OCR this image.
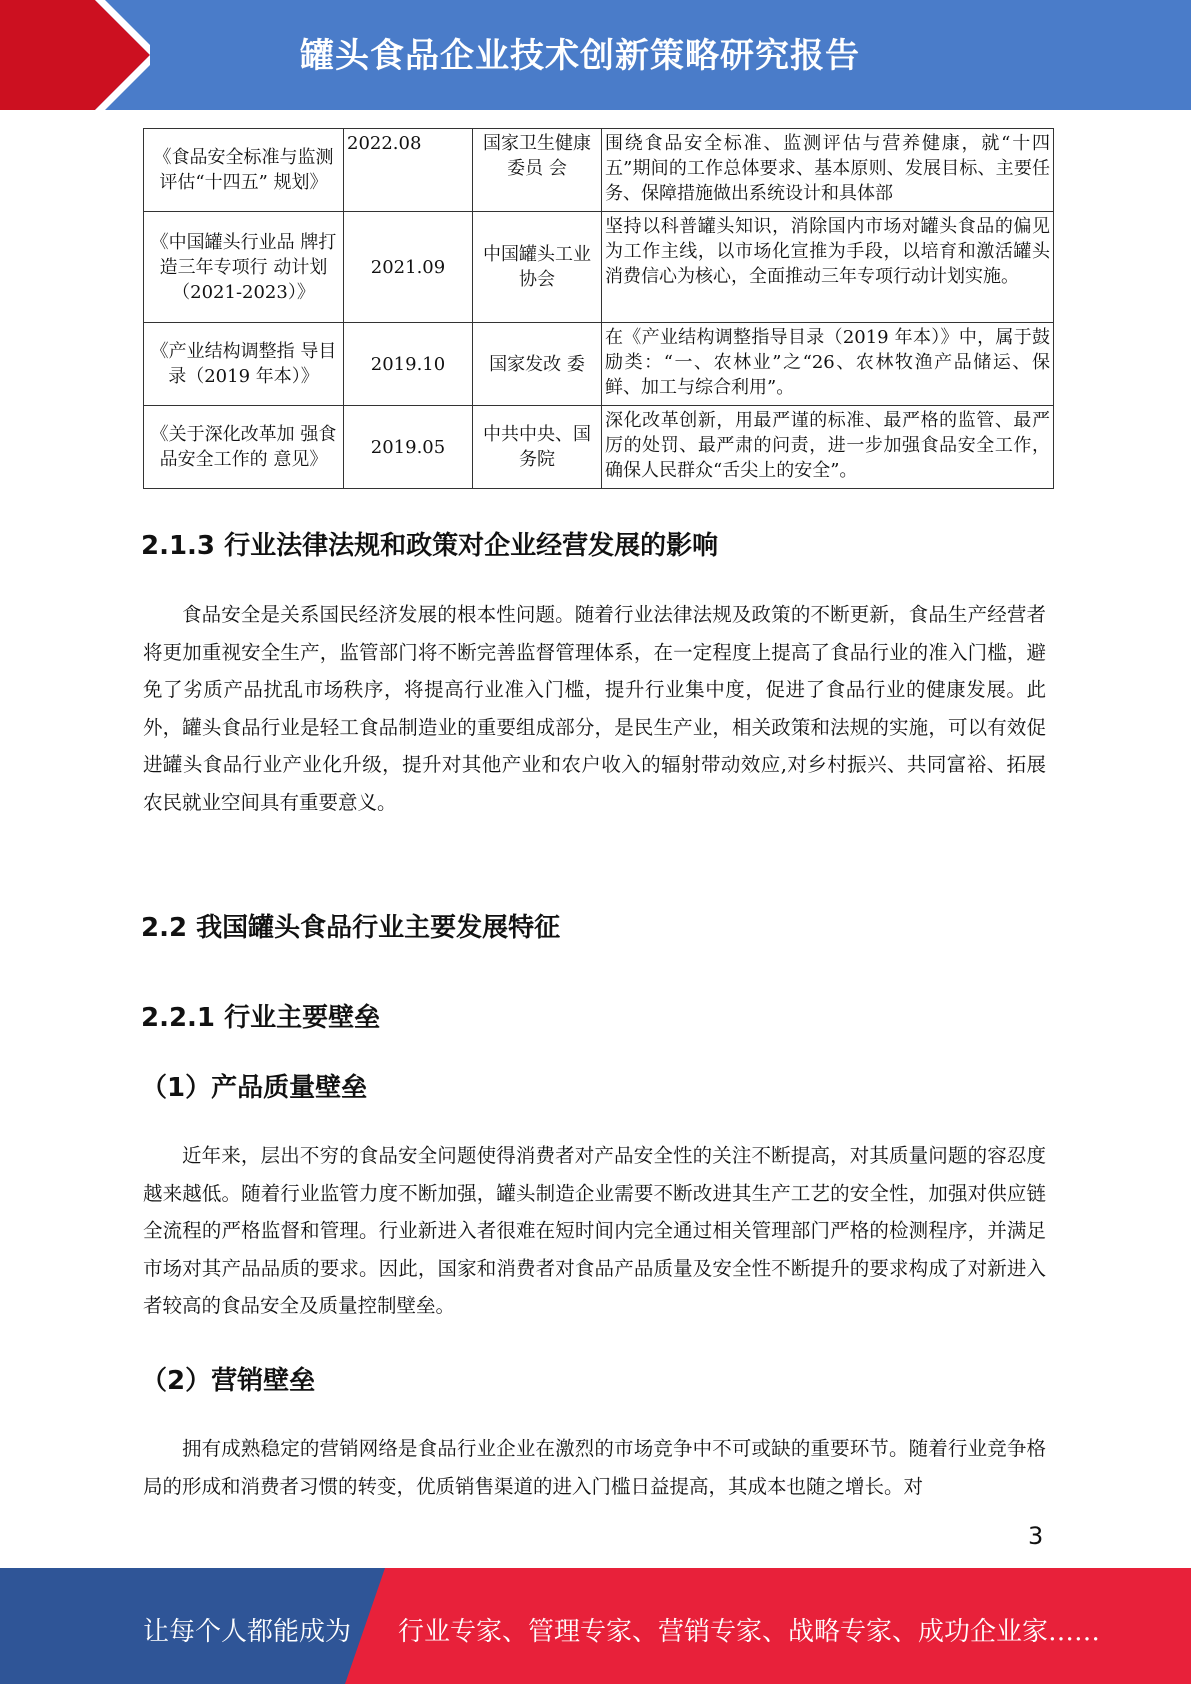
罐头食品企业技术创新策略研究报告
《食品安全标准与监测评估“十四五” 规划》	2022.08	国家卫生健康委员 会	围绕食品安全标准、监测评估与营养健康，就“十四五”期间的工作总体要求、基本原则、发展目标、主要任务、保障措施做出系统设计和具体部
《中国罐头行业品 牌打造三年专项行 动计划（2021-2023）》	2021.09	中国罐头工业协会	坚持以科普罐头知识，消除国内市场对罐头食品的偏见为工作主线，以市场化宣推为手段，以培育和激活罐头消费信心为核心，全面推动三年专项行动计划实施。
《产业结构调整指 导目录（2019 年本）》	2019.10	国家发改 委	在《产业结构调整指导目录（2019 年本）》中，属于鼓励类：“一、农林业”之“26、农林牧渔产品储运、保鲜、加工与综合利用”。
《关于深化改革加 强食品安全工作的 意见》	2019.05	中共中央、国务院	深化改革创新，用最严谨的标准、最严格的监管、最严厉的处罚、最严肃的问责，进一步加强食品安全工作，确保人民群众“舌尖上的安全”。
2.1.3 行业法律法规和政策对企业经营发展的影响

食品安全是关系国民经济发展的根本性问题。随着行业法律法规及政策的不断更新，食品生产经营者将更加重视安全生产，监管部门将不断完善监督管理体系，在一定程度上提高了食品行业的准入门槛，避免了劣质产品扰乱市场秩序，将提高行业准入门槛，提升行业集中度，促进了食品行业的健康发展。此外，罐头食品行业是轻工食品制造业的重要组成部分，是民生产业，相关政策和法规的实施，可以有效促进罐头食品行业产业化升级，提升对其他产业和农户收入的辐射带动效应,对乡村振兴、共同富裕、拓展农民就业空间具有重要意义。

2.2 我国罐头食品行业主要发展特征
2.2.1 行业主要壁垒
（1）产品质量壁垒

近年来，层出不穷的食品安全问题使得消费者对产品安全性的关注不断提高，对其质量问题的容忍度越来越低。随着行业监管力度不断加强，罐头制造企业需要不断改进其生产工艺的安全性，加强对供应链全流程的严格监督和管理。行业新进入者很难在短时间内完全通过相关管理部门严格的检测程序，并满足市场对其产品品质的要求。因此，国家和消费者对食品产品质量及安全性不断提升的要求构成了对新进入者较高的食品安全及质量控制壁垒。

（2）营销壁垒

拥有成熟稳定的营销网络是食品行业企业在激烈的市场竞争中不可或缺的重要环节。随着行业竞争格局的形成和消费者习惯的转变，优质销售渠道的进入门槛日益提高，其成本也随之增长。对

3
让每个人都能成为 行业专家、管理专家、营销专家、战略专家、成功企业家……
